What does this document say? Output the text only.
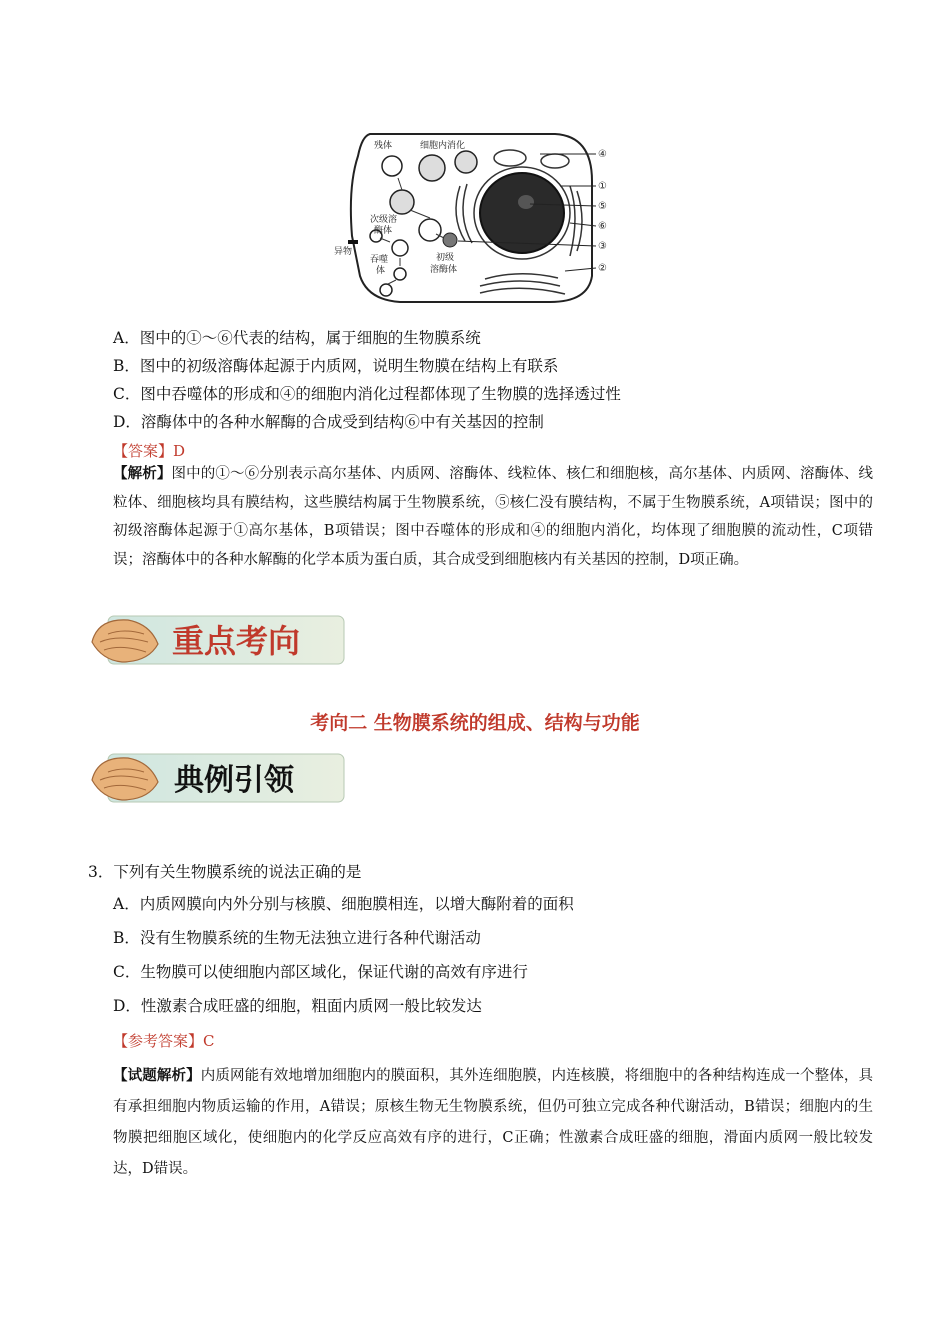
残体	细胞内消化
次级溶
酶体
异物
吞噬
体
初级
溶酶体
④
①
⑤
⑥
③
②
A．图中的①～⑥代表的结构，属于细胞的生物膜系统
B．图中的初级溶酶体起源于内质网，说明生物膜在结构上有联系
C．图中吞噬体的形成和④的细胞内消化过程都体现了生物膜的选择透过性
D．溶酶体中的各种水解酶的合成受到结构⑥中有关基因的控制
【答案】D
【解析】图中的①～⑥分别表示高尔基体、内质网、溶酶体、线粒体、核仁和细胞核，高尔基体、内质网、溶酶体、线粒体、细胞核均具有膜结构，这些膜结构属于生物膜系统，⑤核仁没有膜结构，不属于生物膜系统，A项错误；图中的初级溶酶体起源于①高尔基体，B项错误；图中吞噬体的形成和④的细胞内消化，均体现了细胞膜的流动性，C项错误；溶酶体中的各种水解酶的化学本质为蛋白质，其合成受到细胞核内有关基因的控制，D项正确。
重点考向
考向二 生物膜系统的组成、结构与功能
典例引领
3．下列有关生物膜系统的说法正确的是
A．内质网膜向内外分别与核膜、细胞膜相连，以增大酶附着的面积
B．没有生物膜系统的生物无法独立进行各种代谢活动
C．生物膜可以使细胞内部区域化，保证代谢的高效有序进行
D．性激素合成旺盛的细胞，粗面内质网一般比较发达
【参考答案】C
【试题解析】内质网能有效地增加细胞内的膜面积，其外连细胞膜，内连核膜，将细胞中的各种结构连成一个整体，具有承担细胞内物质运输的作用，A错误；原核生物无生物膜系统，但仍可独立完成各种代谢活动，B错误；细胞内的生物膜把细胞区域化，使细胞内的化学反应高效有序的进行，C正确；性激素合成旺盛的细胞，滑面内质网一般比较发达，D错误。
